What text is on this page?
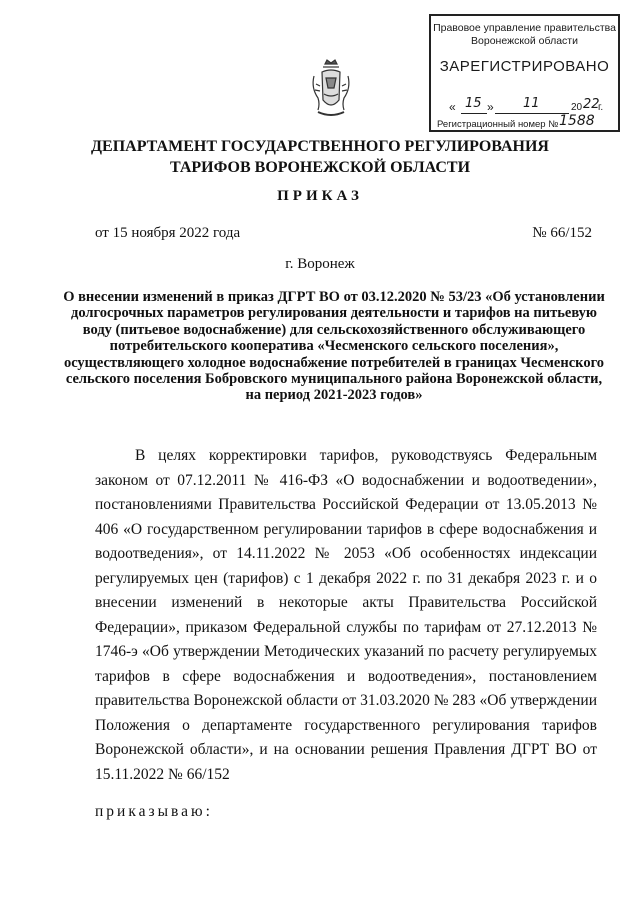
Правовое управление правительства
Воронежской области
ЗАРЕГИСТРИРОВАНО
« 15 » 11	20 22
г.
Регистрационный номер № 1588
ДЕПАРТАМЕНТ ГОСУДАРСТВЕННОГО РЕГУЛИРОВАНИЯ
ТАРИФОВ ВОРОНЕЖСКОЙ ОБЛАСТИ
ПРИКАЗ
от 15 ноября 2022 года	№ 66/152
г. Воронеж
О внесении изменений в приказ ДГРТ ВО от 03.12.2020 № 53/23 «Об установлении долгосрочных параметров регулирования деятельности и тарифов на питьевую воду (питьевое водоснабжение) для сельскохозяйственного обслуживающего потребительского кооператива «Чесменского сельского поселения», осуществляющего холодное водоснабжение потребителей в границах Чесменского сельского поселения Бобровского муниципального района Воронежской области, на период 2021-2023 годов»

В целях корректировки тарифов, руководствуясь Федеральным законом от 07.12.2011 № 416-ФЗ «О водоснабжении и водоотведении», постановлениями Правительства Российской Федерации от 13.05.2013 № 406 «О государственном регулировании тарифов в сфере водоснабжения и водоотведения», от 14.11.2022 № 2053 «Об особенностях индексации регулируемых цен (тарифов) с 1 декабря 2022 г. по 31 декабря 2023 г. и о внесении изменений в некоторые акты Правительства Российской Федерации», приказом Федеральной службы по тарифам от 27.12.2013 № 1746-э «Об утверждении Методических указаний по расчету регулируемых тарифов в сфере водоснабжения и водоотведения», постановлением правительства Воронежской области от 31.03.2020 № 283 «Об утверждении Положения о департаменте государственного регулирования тарифов Воронежской области», и на основании решения Правления ДГРТ ВО от 15.11.2022 № 66/152

приказываю:
